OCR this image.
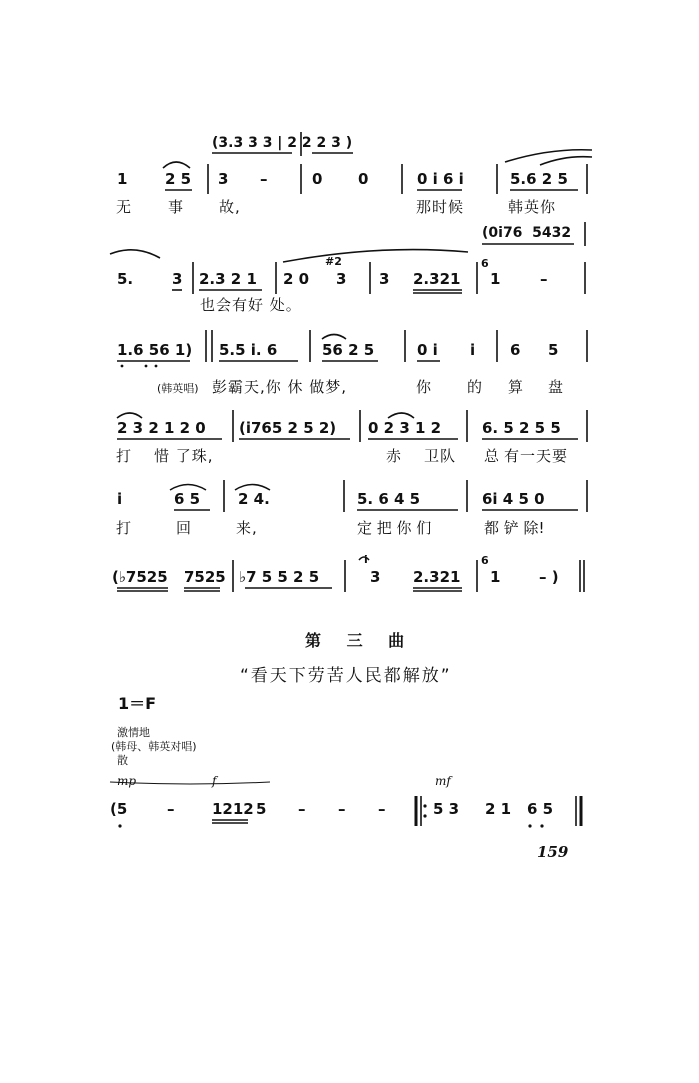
(3.3 3 3 | 2 2 2 3 )
1	2 5 3 –	0 0	0 i 6 i	5.6 2 5
无 事 故,	那时候	韩英你
(0i76  5432
5.	3 2.3 2 1 2 0 3 3 2.321 1	–
#2	6
也会有好 处。
1.6 56 1) 5.5 i. 6	56 2 5	0 i i 6 5
(韩英唱) 彭霸天,你 休 做梦,	你 的 算 盘
2 3 2 1 2 0 (i765 2 5 2) 0 2 3 1 2	6. 5 2 5 5
打 惜 了珠,	赤 卫队 总 有一天要
i	6 5	2 4.	5. 6 4 5	6i 4 5 0
打	回	来,	定 把 你 们	都 铲 除!
(♭7525 7525 ♭7 5 5 2 5	3 2.321 1	– )
i	6
第 三 曲
“看天下劳苦人民都解放”
1＝F
激情地
(韩母、韩英对唱)
散
mp	f	mf
(5	–	1212 5 – – –	5 3 2 1 6 5
159
